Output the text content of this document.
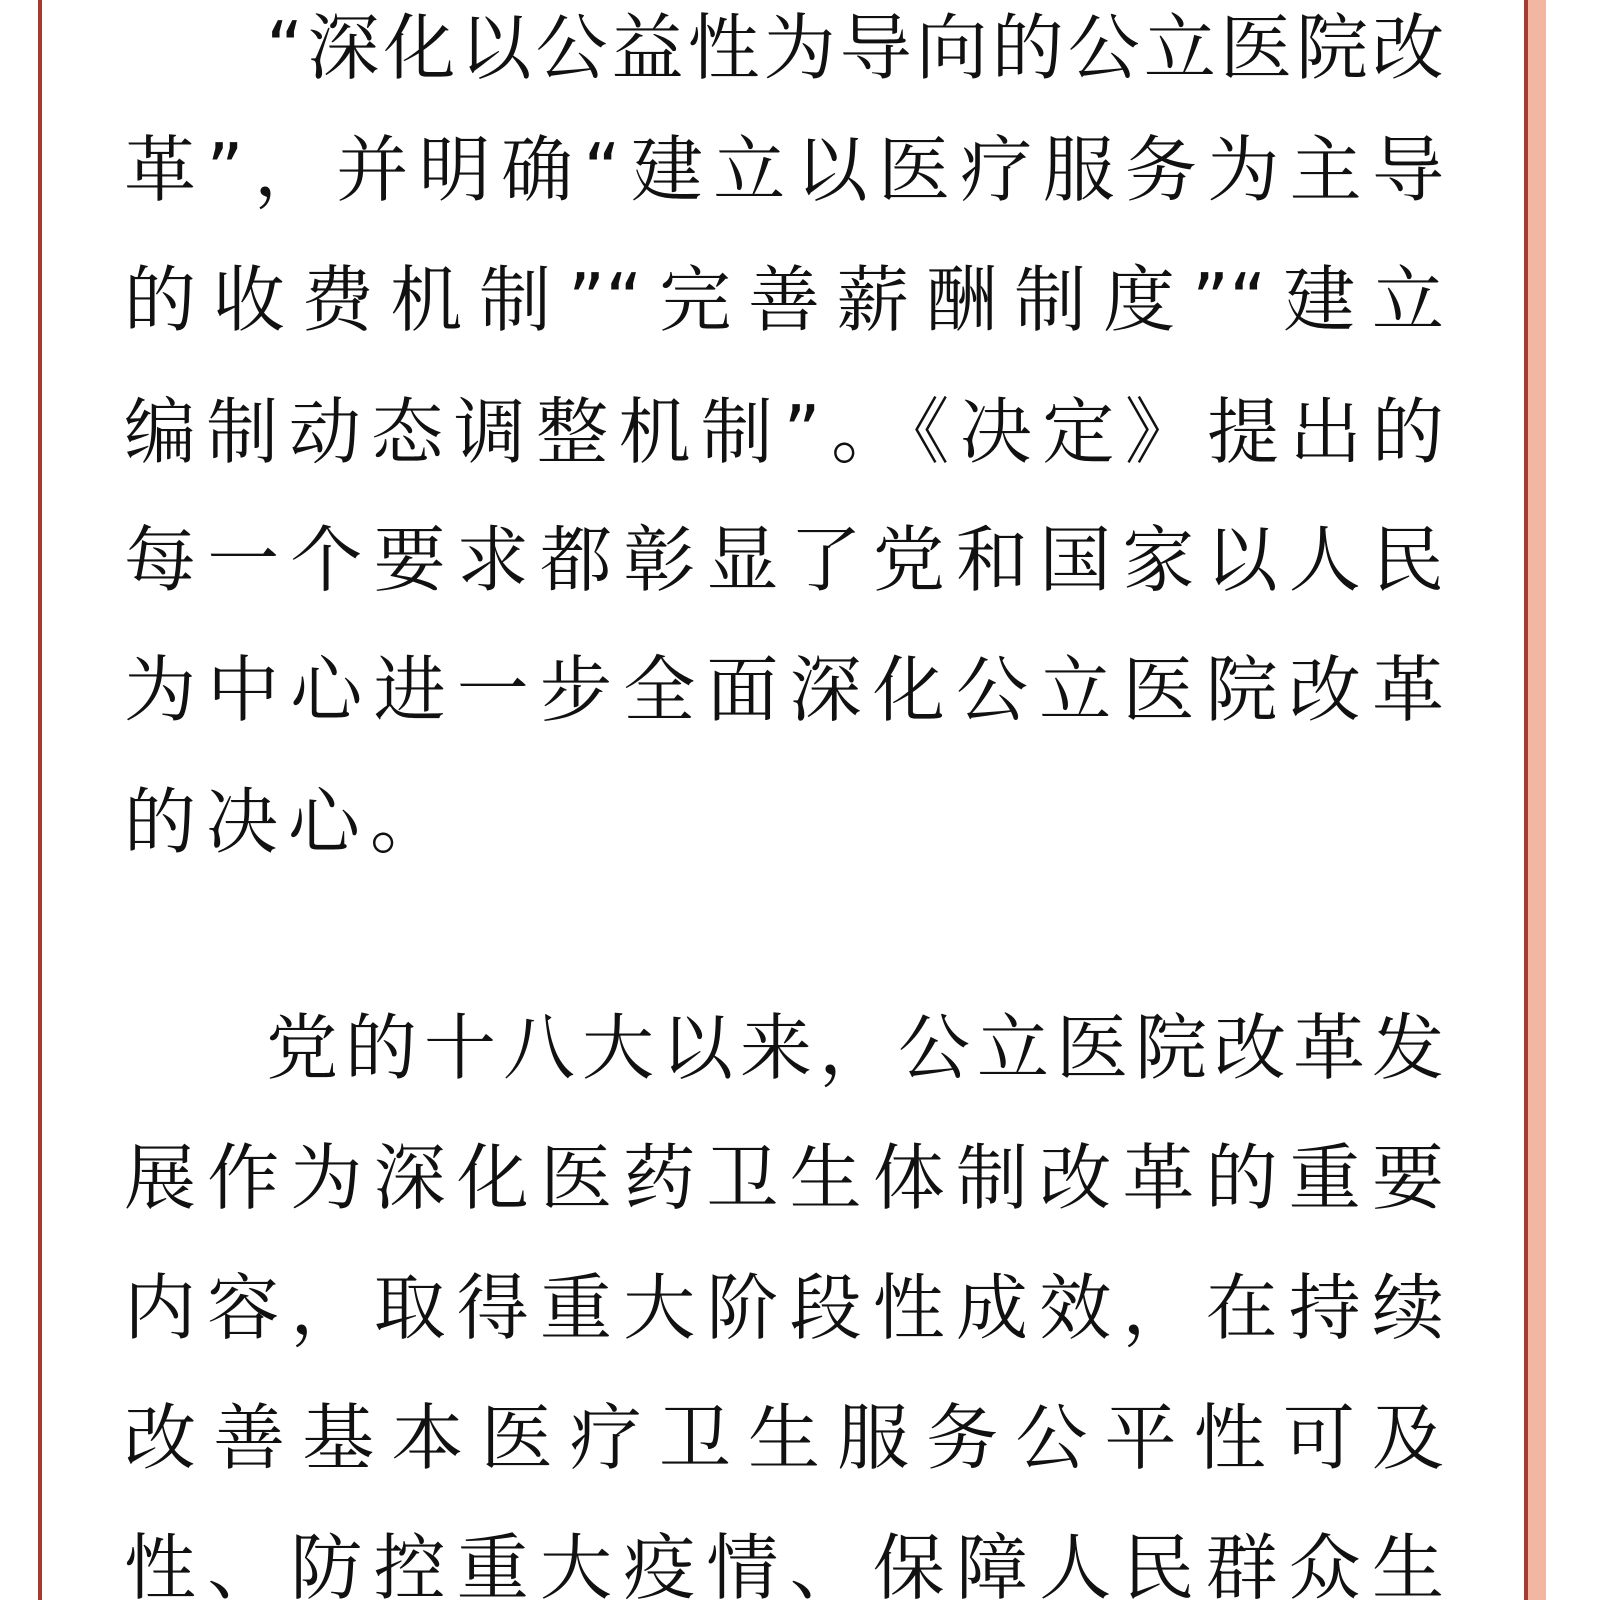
“深化以公益性为导向的公立医院改
革”，并明确“建立以医疗服务为主导
的收费机制”“完善薪酬制度”“建立
编制动态调整机制”。《决定》提出的
每一个要求都彰显了党和国家以人民
为中心进一步全面深化公立医院改革
的决心。
党的十八大以来，公立医院改革发
展作为深化医药卫生体制改革的重要
内容，取得重大阶段性成效，在持续
改善基本医疗卫生服务公平性可及
性、防控重大疫情、保障人民群众生
